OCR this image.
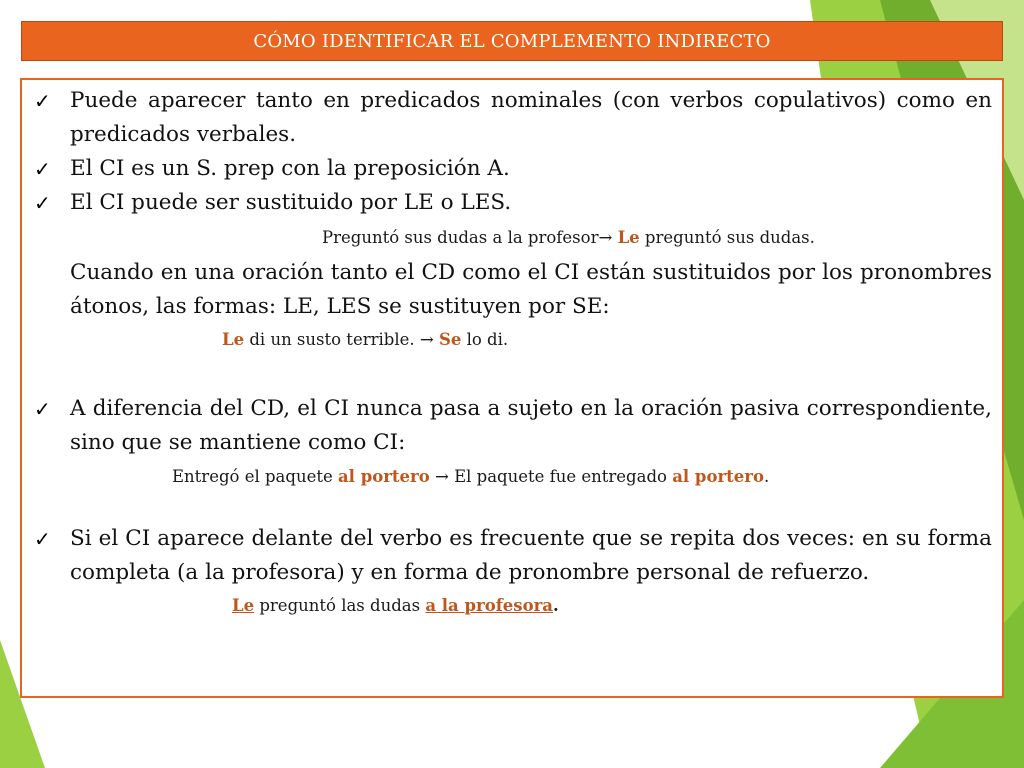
CÓMO IDENTIFICAR EL COMPLEMENTO INDIRECTO
✓ Puede aparecer tanto en predicados nominales (con verbos copulativos) como en predicados verbales.
✓ El CI es un S. prep con la preposición A.
✓ El CI puede ser sustituido por LE o LES.
Preguntó sus dudas a la profesor→ Le preguntó sus dudas.
Cuando en una oración tanto el CD como el CI están sustituidos por los pronombres átonos, las formas: LE, LES se sustituyen por SE:
Le di un susto terrible. → Se lo di.
✓ A diferencia del CD, el CI nunca pasa a sujeto en la oración pasiva correspondiente, sino que se mantiene como CI:
Entregó el paquete al portero → El paquete fue entregado al portero.
✓ Si el CI aparece delante del verbo es frecuente que se repita dos veces: en su forma completa (a la profesora) y en forma de pronombre personal de refuerzo.
Le preguntó las dudas a la profesora.
